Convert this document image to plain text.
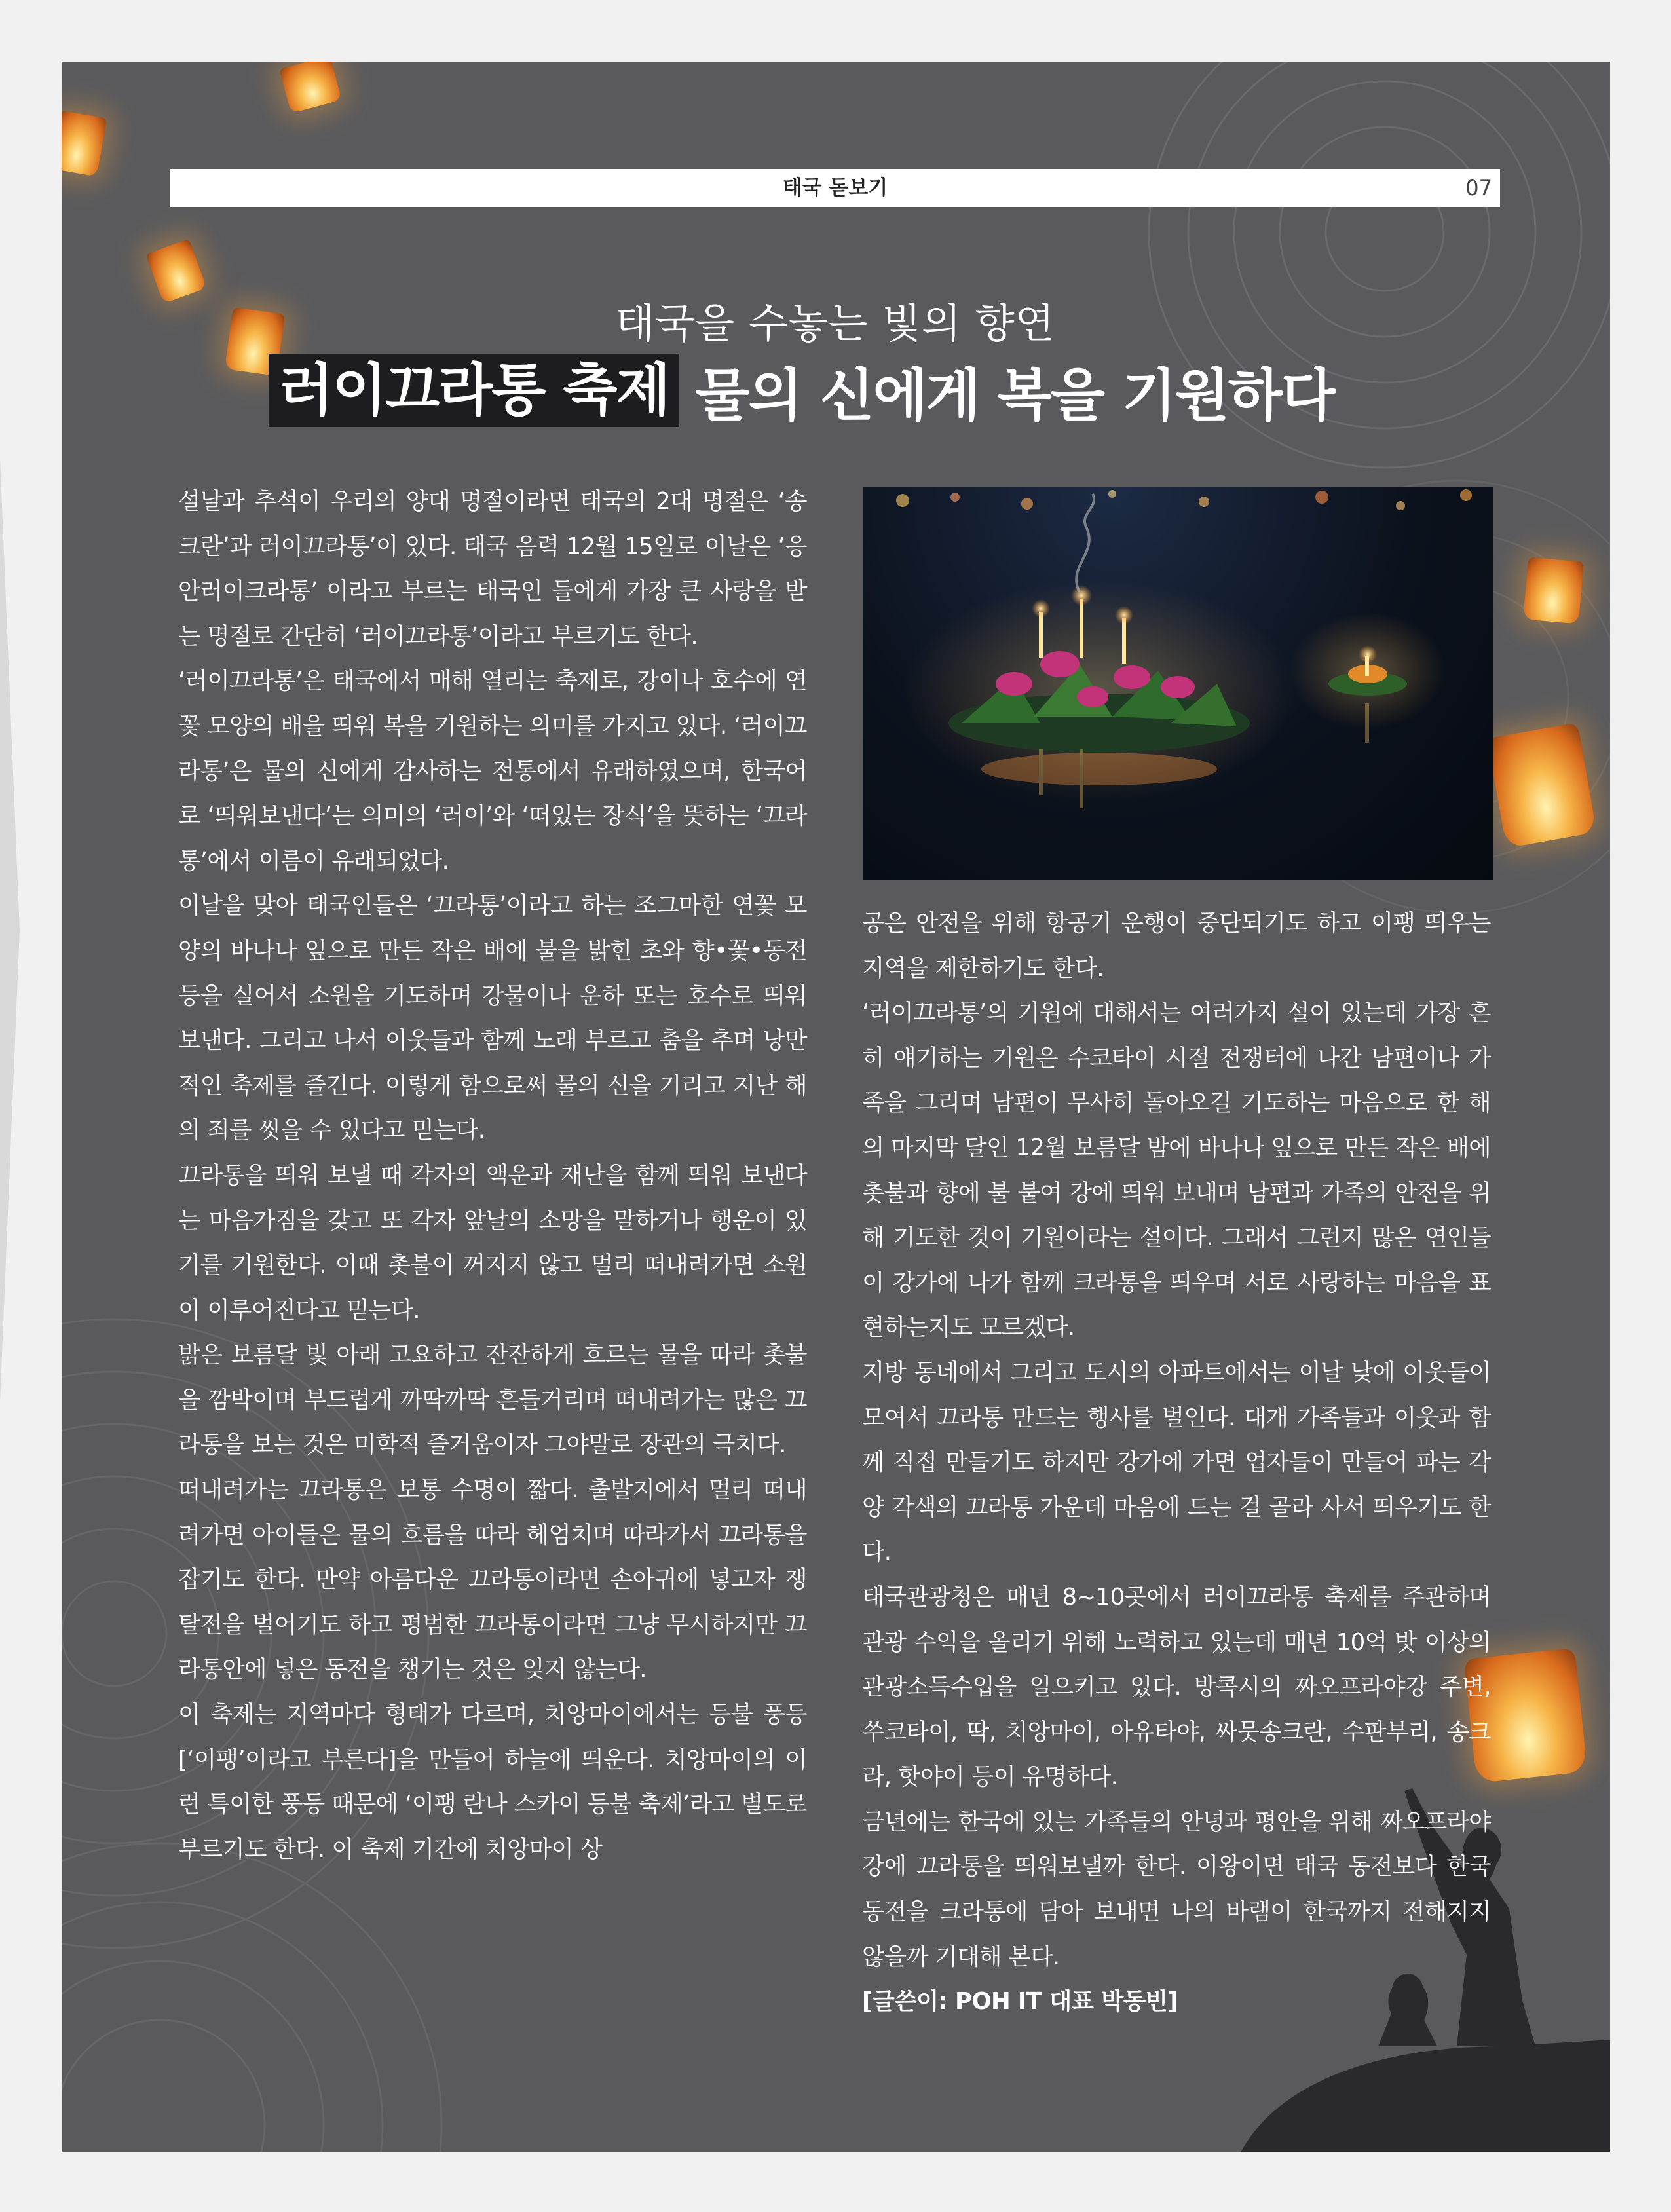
태국 돋보기	07
태국을 수놓는 빛의 향연
러이끄라통 축제 물의 신에게 복을 기원하다

설날과 추석이 우리의 양대 명절이라면 태국의 2대 명절은 ‘송크란’과 러이끄라통’이 있다. 태국 음력 12월 15일로 이날은 ‘응안러이크라통’ 이라고 부르는 태국인 들에게 가장 큰 사랑을 받는 명절로 간단히 ‘러이끄라통’이라고 부르기도 한다.

‘러이끄라통’은 태국에서 매해 열리는 축제로, 강이나 호수에 연꽃 모양의 배을 띄워 복을 기원하는 의미를 가지고 있다. ‘러이끄라통’은 물의 신에게 감사하는 전통에서 유래하였으며, 한국어로 ‘띄워보낸다’는 의미의 ‘러이’와 ‘떠있는 장식’을 뜻하는 ‘끄라통’에서 이름이 유래되었다.

이날을 맞아 태국인들은 ‘끄라통’이라고 하는 조그마한 연꽃 모양의 바나나 잎으로 만든 작은 배에 불을 밝힌 초와 향•꽃•동전 등을 실어서 소원을 기도하며 강물이나 운하 또는 호수로 띄워 보낸다. 그리고 나서 이웃들과 함께 노래 부르고 춤을 추며 낭만적인 축제를 즐긴다. 이렇게 함으로써 물의 신을 기리고 지난 해의 죄를 씻을 수 있다고 믿는다.

끄라통을 띄워 보낼 때 각자의 액운과 재난을 함께 띄워 보낸다는 마음가짐을 갖고 또 각자 앞날의 소망을 말하거나 행운이 있기를 기원한다. 이때 촛불이 꺼지지 않고 멀리 떠내려가면 소원이 이루어진다고 믿는다.

밝은 보름달 빛 아래 고요하고 잔잔하게 흐르는 물을 따라 촛불을 깜박이며 부드럽게 까딱까딱 흔들거리며 떠내려가는 많은 끄라통을 보는 것은 미학적 즐거움이자 그야말로 장관의 극치다.

떠내려가는 끄라통은 보통 수명이 짧다. 출발지에서 멀리 떠내려가면 아이들은 물의 흐름을 따라 헤엄치며 따라가서 끄라통을 잡기도 한다. 만약 아름다운 끄라통이라면 손아귀에 넣고자 쟁탈전을 벌어기도 하고 평범한 끄라통이라면 그냥 무시하지만 끄라통안에 넣은 동전을 챙기는 것은 잊지 않는다.

이 축제는 지역마다 형태가 다르며, 치앙마이에서는 등불 풍등[‘이팽’이라고 부른다]을 만들어 하늘에 띄운다. 치앙마이의 이런 특이한 풍등 때문에 ‘이팽 란나 스카이 등불 축제’라고 별도로 부르기도 한다. 이 축제 기간에 치앙마이 상

공은 안전을 위해 항공기 운행이 중단되기도 하고 이팽 띄우는 지역을 제한하기도 한다.

‘러이끄라통’의 기원에 대해서는 여러가지 설이 있는데 가장 흔히 얘기하는 기원은 수코타이 시절 전쟁터에 나간 남편이나 가족을 그리며 남편이 무사히 돌아오길 기도하는 마음으로 한 해의 마지막 달인 12월 보름달 밤에 바나나 잎으로 만든 작은 배에 촛불과 향에 불 붙여 강에 띄워 보내며 남편과 가족의 안전을 위해 기도한 것이 기원이라는 설이다. 그래서 그런지 많은 연인들이 강가에 나가 함께 크라통을 띄우며 서로 사랑하는 마음을 표현하는지도 모르겠다.

지방 동네에서 그리고 도시의 아파트에서는 이날 낮에 이웃들이 모여서 끄라통 만드는 행사를 벌인다. 대개 가족들과 이웃과 함께 직접 만들기도 하지만 강가에 가면 업자들이 만들어 파는 각양 각색의 끄라통 가운데 마음에 드는 걸 골라 사서 띄우기도 한다.

태국관광청은 매년 8~10곳에서 러이끄라통 축제를 주관하며 관광 수익을 올리기 위해 노력하고 있는데 매년 10억 밧 이상의 관광소득수입을 일으키고 있다. 방콕시의 짜오프라야강 주변, 쑤코타이, 딱, 치앙마이, 아유타야, 싸뭇송크란, 수판부리, 송크라, 핫야이 등이 유명하다.

금년에는 한국에 있는 가족들의 안녕과 평안을 위해 짜오프라야 강에 끄라통을 띄워보낼까 한다. 이왕이면 태국 동전보다 한국 동전을 크라통에 담아 보내면 나의 바램이 한국까지 전해지지 않을까 기대해 본다.

[글쓴이: POH IT 대표 박동빈]
